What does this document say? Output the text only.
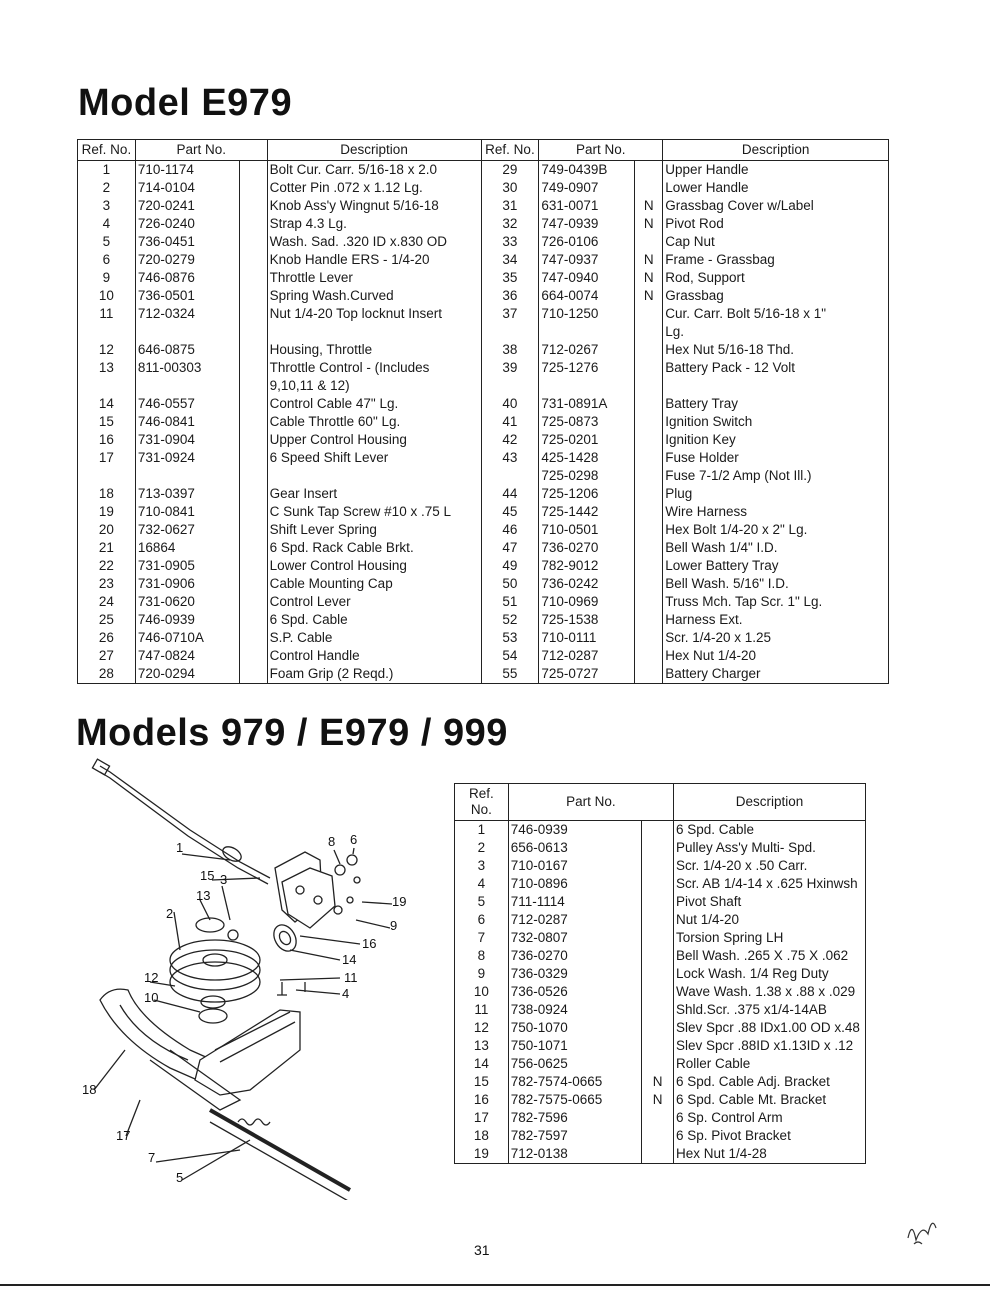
Model E979
Ref. No.	Part No.		Description	Ref. No.	Part No.		Description
1	710-1174		Bolt Cur. Carr. 5/16-18 x 2.0	29	749-0439B		Upper Handle
2	714-0104		Cotter Pin .072 x 1.12 Lg.	30	749-0907		Lower Handle
3	720-0241		Knob Ass'y Wingnut 5/16-18	31	631-0071	N	Grassbag Cover w/Label
4	726-0240		Strap 4.3 Lg.	32	747-0939	N	Pivot Rod
5	736-0451		Wash. Sad. .320 ID x.830 OD	33	726-0106		Cap Nut
6	720-0279		Knob Handle ERS - 1/4-20	34	747-0937	N	Frame - Grassbag
9	746-0876		Throttle Lever	35	747-0940	N	Rod, Support
10	736-0501		Spring Wash.Curved	36	664-0074	N	Grassbag
11	712-0324		Nut 1/4-20 Top locknut Insert	37	710-1250		Cur. Carr. Bolt 5/16-18 x 1"
							Lg.
12	646-0875		Housing, Throttle	38	712-0267		Hex Nut 5/16-18 Thd.
13	811-00303		Throttle Control - (Includes	39	725-1276		Battery Pack - 12 Volt
			9,10,11 & 12)				
14	746-0557		Control Cable 47" Lg.	40	731-0891A		Battery Tray
15	746-0841		Cable Throttle 60" Lg.	41	725-0873		Ignition Switch
16	731-0904		Upper Control Housing	42	725-0201		Ignition Key
17	731-0924		6 Speed Shift Lever	43	425-1428		Fuse Holder
					725-0298		Fuse 7-1/2 Amp (Not Ill.)
18	713-0397		Gear Insert	44	725-1206		Plug
19	710-0841		C Sunk Tap Screw #10 x .75 L	45	725-1442		Wire Harness
20	732-0627		Shift Lever Spring	46	710-0501		Hex Bolt 1/4-20 x 2" Lg.
21	16864		6 Spd. Rack Cable Brkt.	47	736-0270		Bell Wash 1/4" I.D.
22	731-0905		Lower Control Housing	49	782-9012		Lower Battery Tray
23	731-0906		Cable Mounting Cap	50	736-0242		Bell Wash. 5/16" I.D.
24	731-0620		Control Lever	51	710-0969		Truss Mch. Tap Scr. 1" Lg.
25	746-0939		6 Spd. Cable	52	725-1538		Harness Ext.
26	746-0710A		S.P. Cable	53	710-0111		Scr. 1/4-20 x 1.25
27	747-0824		Control Handle	54	712-0287		Hex Nut 1/4-20
28	720-0294		Foam Grip (2 Reqd.)	55	725-0727		Battery Charger
Models 979 / E979 / 999
1
15 3
13
2
12
10
18
17
7
5
8 6
19
9
16
14
11
4
Ref. No.	Part No.		Description
1	746-0939		6 Spd. Cable
2	656-0613		Pulley Ass'y Multi- Spd.
3	710-0167		Scr. 1/4-20 x .50 Carr.
4	710-0896		Scr. AB 1/4-14 x .625 Hxinwsh
5	711-1114		Pivot Shaft
6	712-0287		Nut 1/4-20
7	732-0807		Torsion Spring LH
8	736-0270		Bell Wash. .265 X .75 X .062
9	736-0329		Lock Wash. 1/4 Reg Duty
10	736-0526		Wave Wash. 1.38 x .88 x .029
11	738-0924		Shld.Scr. .375 x1/4-14AB
12	750-1070		Slev Spcr .88 IDx1.00 OD x.48
13	750-1071		Slev Spcr .88ID x1.13ID x .12
14	756-0625		Roller Cable
15	782-7574-0665	N	6 Spd. Cable Adj. Bracket
16	782-7575-0665	N	6 Spd. Cable Mt. Bracket
17	782-7596		6 Sp. Control Arm
18	782-7597		6 Sp. Pivot Bracket
19	712-0138		Hex Nut 1/4-28
31
